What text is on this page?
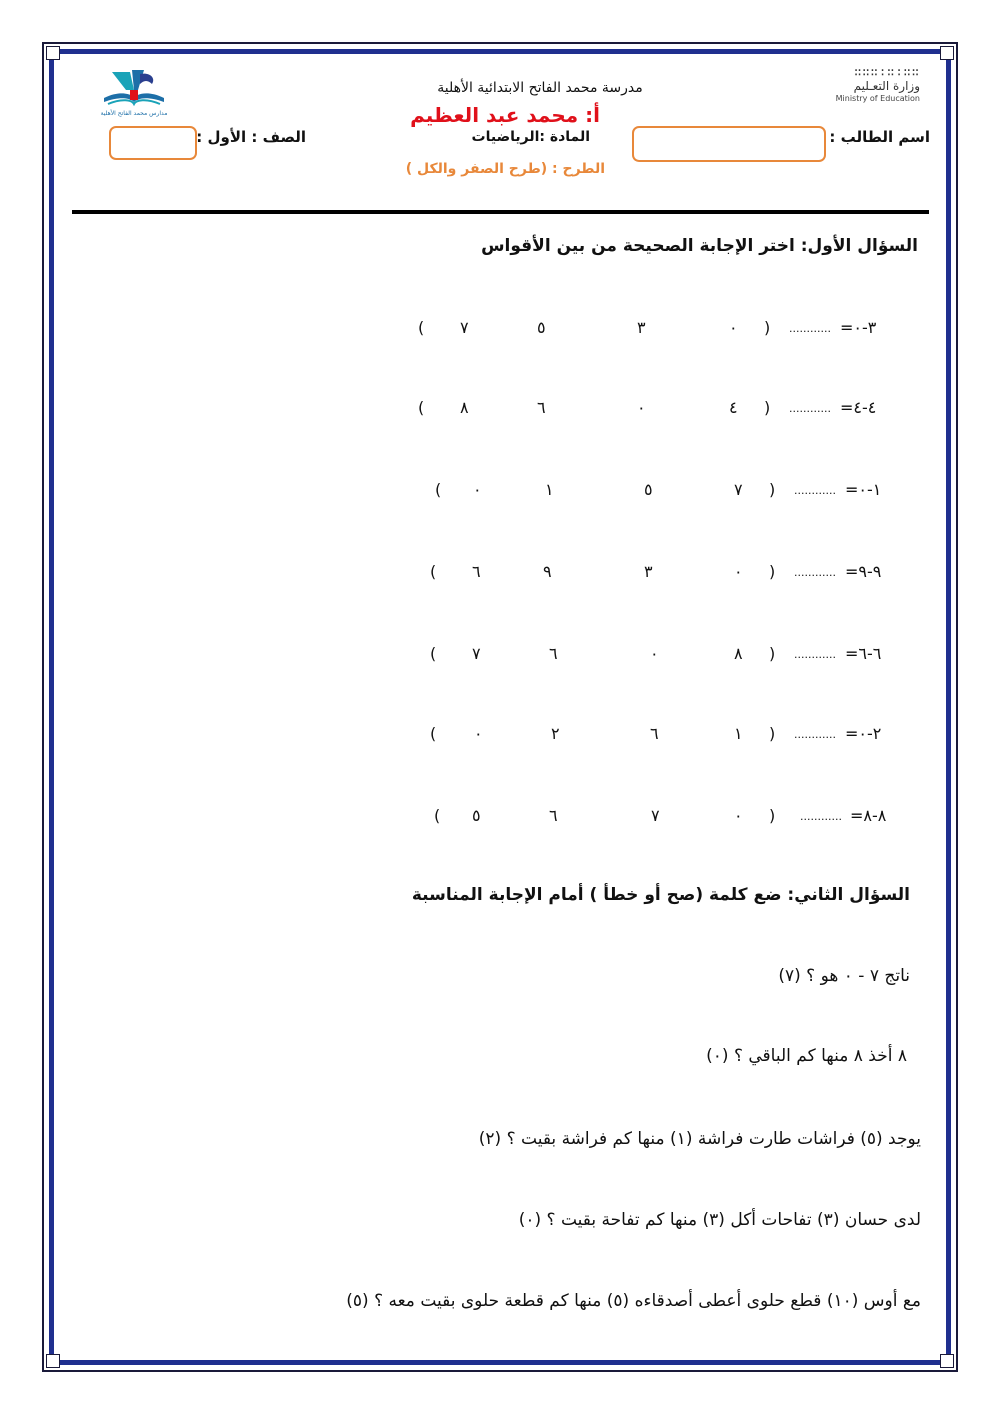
مدارس محمد الفاتح الأهلية
∷∷∷∶∷∶∷∷
وزارة التعـليم
Ministry of Education
مدرسة محمد الفاتح الابتدائية الأهلية
أ: محمد عبد العظيم
المادة :الرياضيات
الطرح : (طرح الصفر والكل )
اسم الطالب :
الصف : الأول :
السؤال الأول: اختر الإجابة الصحيحة من بين الأقواس
٣-٠=
............
)
٠
٣
٥
٧
(
٤-٤=
............
)
٤
٠
٦
٨
(
١-٠=
............
)
٧
٥
١
٠
(
٩-٩=
............
)
٠
٣
٩
٦
(
٦-٦=
............
)
٨
٠
٦
٧
(
٢-٠=
............
)
١
٦
٢
٠
(
٨-٨=
............
)
٠
٧
٦
٥
(
السؤال الثاني: ضع كلمة (صح أو خطأ ) أمام الإجابة المناسبة
ناتج ٧ - ٠ هو ؟ (٧)
٨ أخذ ٨ منها كم الباقي ؟ (٠)
يوجد (٥) فراشات طارت فراشة (١) منها كم فراشة بقيت ؟ (٢)
لدى حسان (٣) تفاحات أكل (٣) منها كم تفاحة بقيت ؟ (٠)
مع أوس (١٠) قطع حلوى أعطى أصدقاءه (٥) منها كم قطعة حلوى بقيت معه ؟ (٥)
